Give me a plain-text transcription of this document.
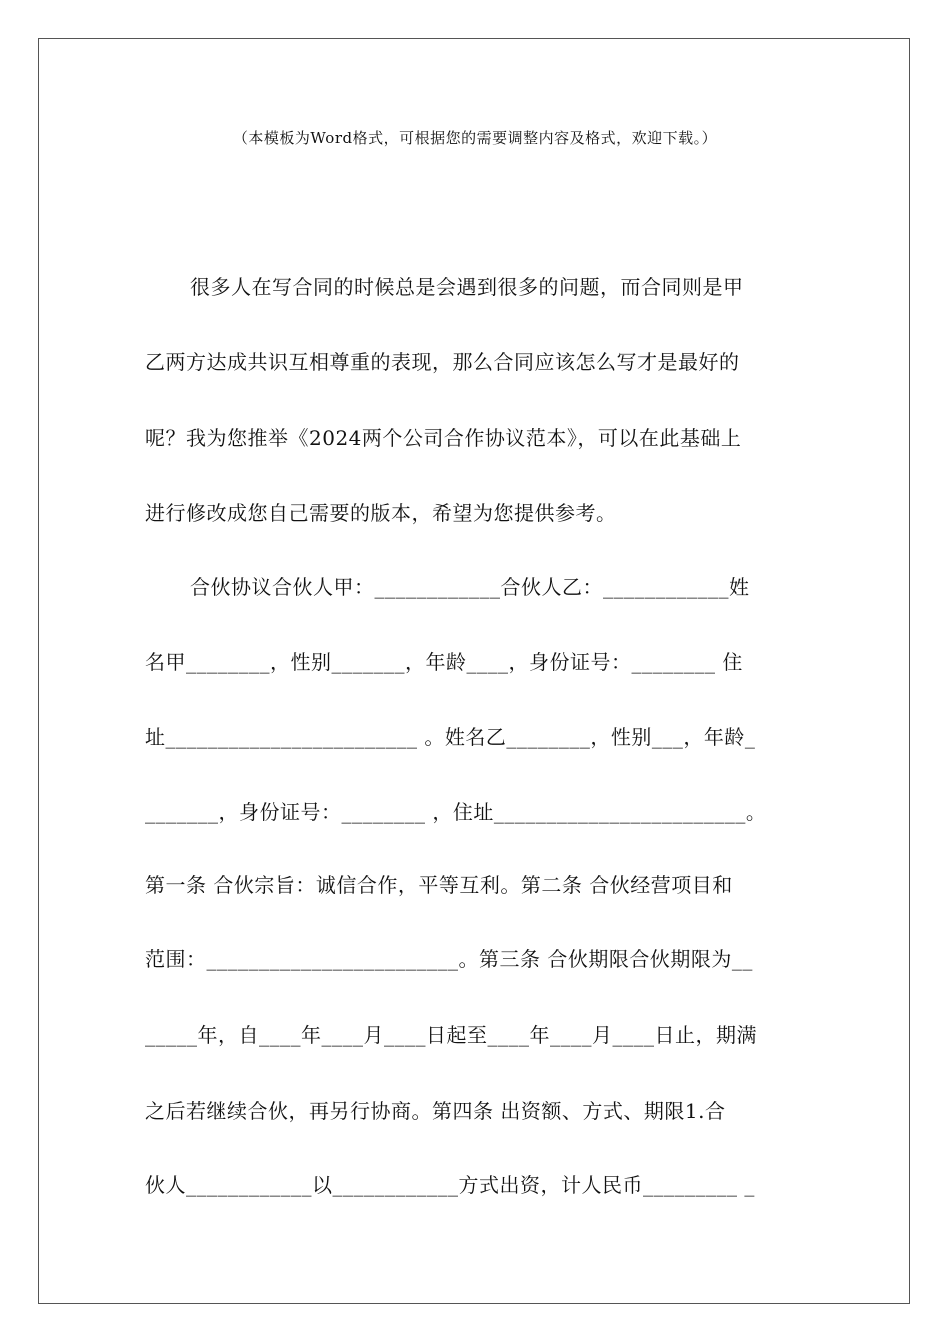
（本模板为Word格式，可根据您的需要调整内容及格式，欢迎下载。）
很多人在写合同的时候总是会遇到很多的问题，而合同则是甲
乙两方达成共识互相尊重的表现，那么合同应该怎么写才是最好的
呢？我为您推举《2024两个公司合作协议范本》，可以在此基础上
进行修改成您自己需要的版本，希望为您提供参考。
合伙协议合伙人甲：____________合伙人乙：____________姓
名甲________，性别_______，年龄____，身份证号：________ 住
址________________________ 。姓名乙________，性别___，年龄_
_______，身份证号：________ ，住址________________________。
第一条 合伙宗旨：诚信合作，平等互利。第二条 合伙经营项目和
范围：________________________。第三条 合伙期限合伙期限为__
_____年，自____年____月____日起至____年____月____日止，期满
之后若继续合伙，再另行协商。第四条 出资额、方式、期限1.合
伙人____________以____________方式出资，计人民币_________ _
